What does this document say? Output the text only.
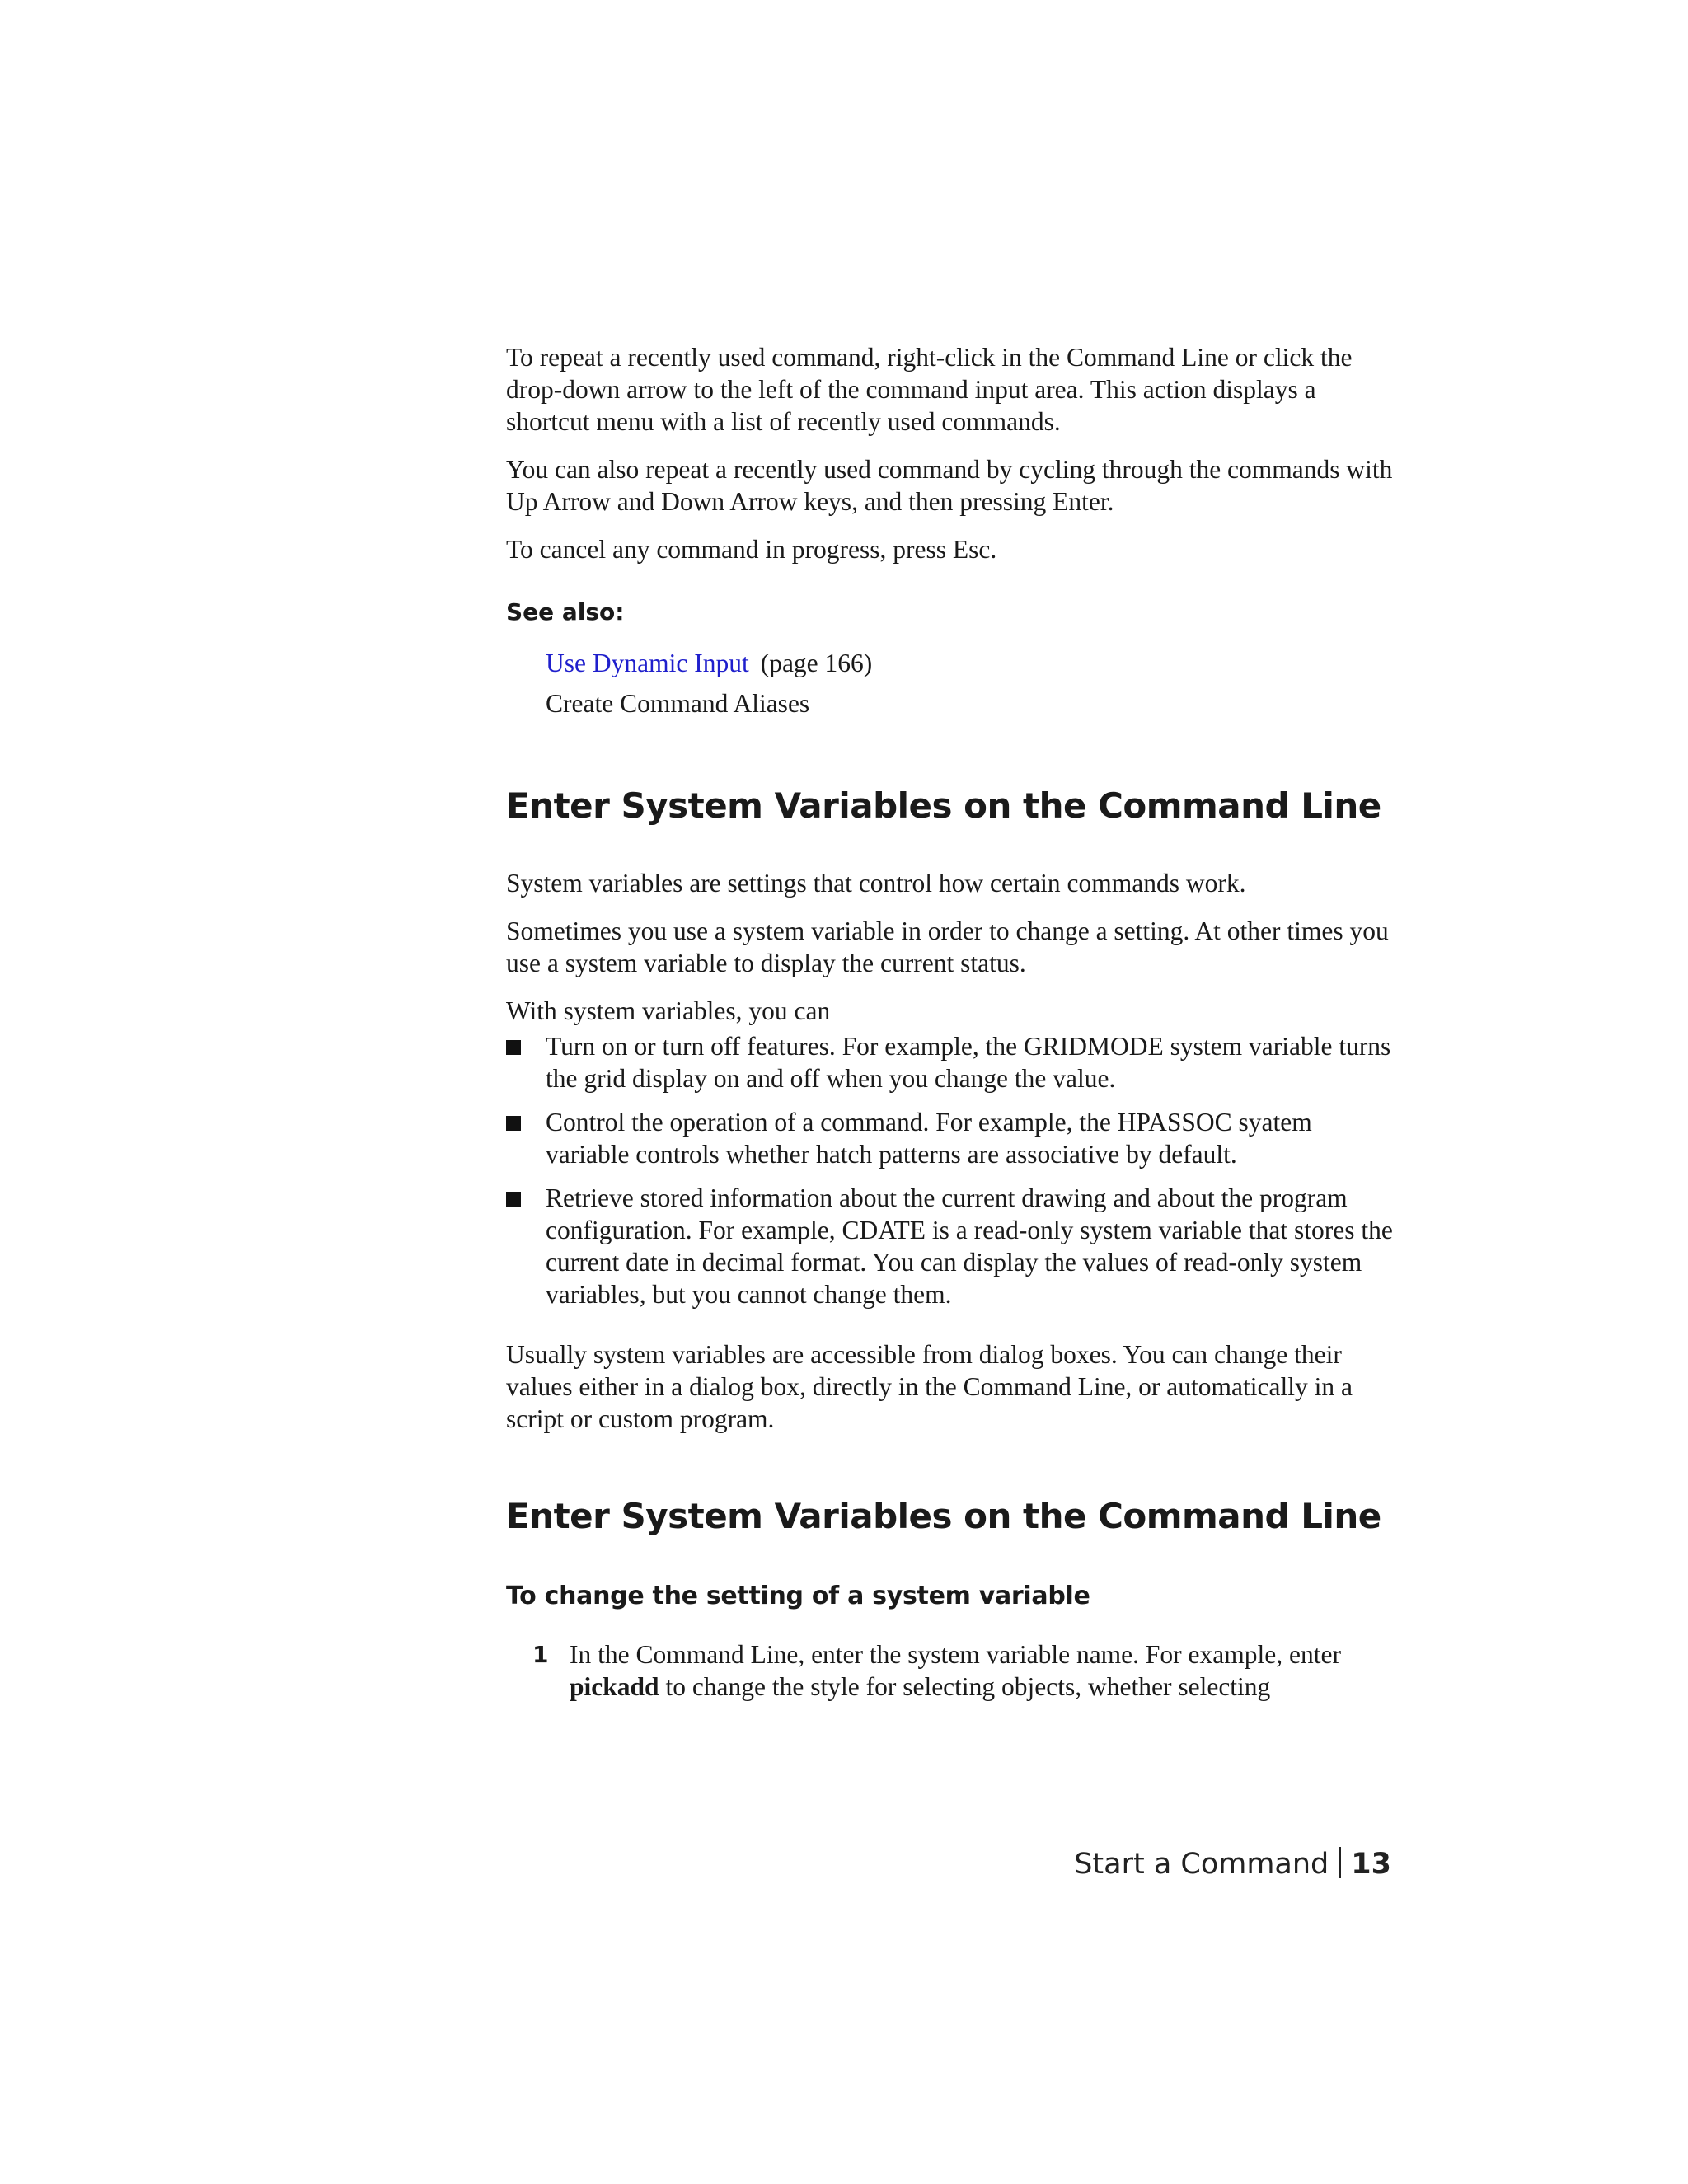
To repeat a recently used command, right-click in the Command Line or click the drop-down arrow to the left of the command input area. This action displays a shortcut menu with a list of recently used commands.

You can also repeat a recently used command by cycling through the commands with Up Arrow and Down Arrow keys, and then pressing Enter.

To cancel any command in progress, press Esc.

See also:
Use Dynamic Input (page 166)
Create Command Aliases
Enter System Variables on the Command Line

System variables are settings that control how certain commands work.

Sometimes you use a system variable in order to change a setting. At other times you use a system variable to display the current status.

With system variables, you can

Turn on or turn off features. For example, the GRIDMODE system variable turns the grid display on and off when you change the value.
Control the operation of a command. For example, the HPASSOC syatem variable controls whether hatch patterns are associative by default.
Retrieve stored information about the current drawing and about the program configuration. For example, CDATE is a read-only system variable that stores the current date in decimal format. You can display the values of read-only system variables, but you cannot change them.

Usually system variables are accessible from dialog boxes. You can change their values either in a dialog box, directly in the Command Line, or automatically in a script or custom program.

Enter System Variables on the Command Line
To change the setting of a system variable
1 In the Command Line, enter the system variable name. For example, enter pickadd to change the style for selecting objects, whether selecting
Start a Command 13
